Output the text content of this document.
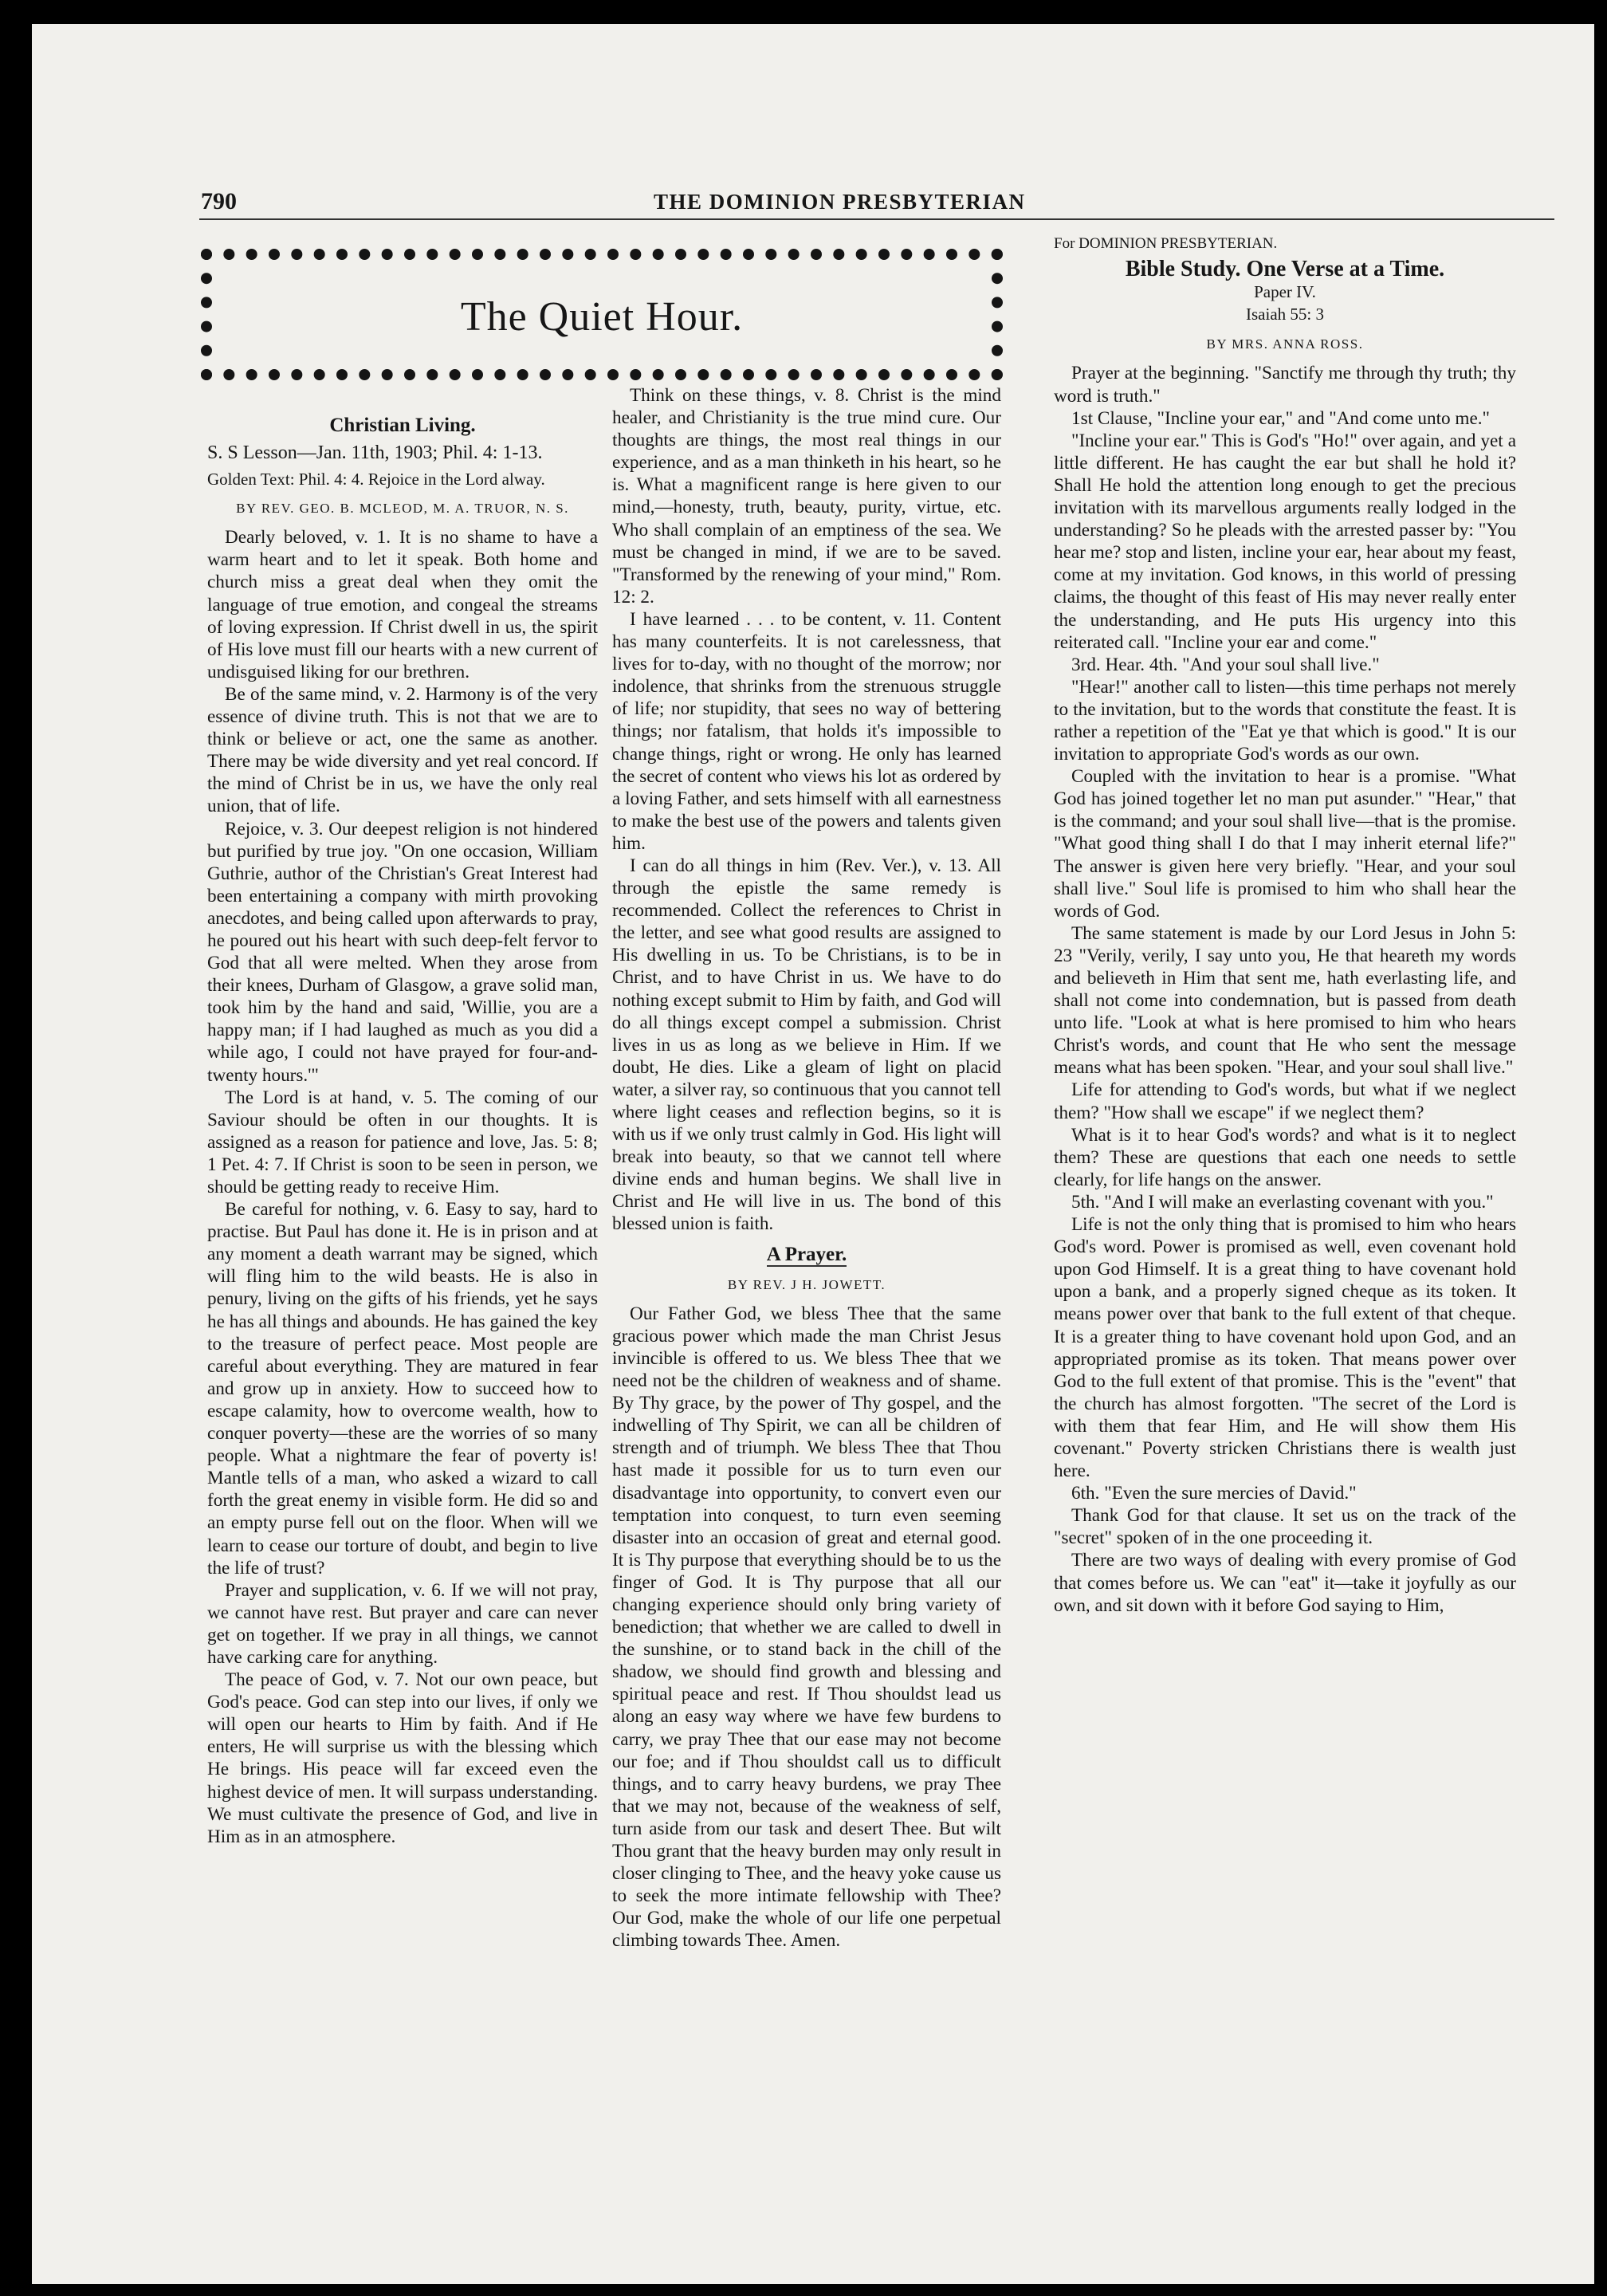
790	THE DOMINION PRESBYTERIAN
The Quiet Hour.

Christian Living.

S. S Lesson—Jan. 11th, 1903; Phil. 4: 1-13.

Golden Text: Phil. 4: 4. Rejoice in the Lord alway.

BY REV. GEO. B. MCLEOD, M. A. TRUOR, N. S.

Dearly beloved, v. 1. It is no shame to have a warm heart and to let it speak. Both home and church miss a great deal when they omit the language of true emotion, and congeal the streams of loving expression. If Christ dwell in us, the spirit of His love must fill our hearts with a new current of undisguised liking for our brethren.

Be of the same mind, v. 2. Harmony is of the very essence of divine truth. This is not that we are to think or believe or act, one the same as another. There may be wide diversity and yet real concord. If the mind of Christ be in us, we have the only real union, that of life.

Rejoice, v. 3. Our deepest religion is not hindered but purified by true joy. "On one occasion, William Guthrie, author of the Christian's Great Interest had been entertaining a company with mirth provoking anecdotes, and being called upon afterwards to pray, he poured out his heart with such deep-felt fervor to God that all were melted. When they arose from their knees, Durham of Glasgow, a grave solid man, took him by the hand and said, 'Willie, you are a happy man; if I had laughed as much as you did a while ago, I could not have prayed for four-and-twenty hours.'"

The Lord is at hand, v. 5. The coming of our Saviour should be often in our thoughts. It is assigned as a reason for patience and love, Jas. 5: 8; 1 Pet. 4: 7. If Christ is soon to be seen in person, we should be getting ready to receive Him.

Be careful for nothing, v. 6. Easy to say, hard to practise. But Paul has done it. He is in prison and at any moment a death warrant may be signed, which will fling him to the wild beasts. He is also in penury, living on the gifts of his friends, yet he says he has all things and abounds. He has gained the key to the treasure of perfect peace. Most people are careful about everything. They are matured in fear and grow up in anxiety. How to succeed how to escape calamity, how to overcome wealth, how to conquer poverty—these are the worries of so many people. What a nightmare the fear of poverty is! Mantle tells of a man, who asked a wizard to call forth the great enemy in visible form. He did so and an empty purse fell out on the floor. When will we learn to cease our torture of doubt, and begin to live the life of trust?

Prayer and supplication, v. 6. If we will not pray, we cannot have rest. But prayer and care can never get on together. If we pray in all things, we cannot have carking care for anything.

The peace of God, v. 7. Not our own peace, but God's peace. God can step into our lives, if only we will open our hearts to Him by faith. And if He enters, He will surprise us with the blessing which He brings. His peace will far exceed even the highest device of men. It will surpass understanding. We must cultivate the presence of God, and live in Him as in an atmosphere.

Think on these things, v. 8. Christ is the mind healer, and Christianity is the true mind cure. Our thoughts are things, the most real things in our experience, and as a man thinketh in his heart, so he is. What a magnificent range is here given to our mind,—honesty, truth, beauty, purity, virtue, etc. Who shall complain of an emptiness of the sea. We must be changed in mind, if we are to be saved. "Transformed by the renewing of your mind," Rom. 12: 2.

I have learned . . . to be content, v. 11. Content has many counterfeits. It is not carelessness, that lives for to-day, with no thought of the morrow; nor indolence, that shrinks from the strenuous struggle of life; nor stupidity, that sees no way of bettering things; nor fatalism, that holds it's impossible to change things, right or wrong. He only has learned the secret of content who views his lot as ordered by a loving Father, and sets himself with all earnestness to make the best use of the powers and talents given him.

I can do all things in him (Rev. Ver.), v. 13. All through the epistle the same remedy is recommended. Collect the references to Christ in the letter, and see what good results are assigned to His dwelling in us. To be Christians, is to be in Christ, and to have Christ in us. We have to do nothing except submit to Him by faith, and God will do all things except compel a submission. Christ lives in us as long as we believe in Him. If we doubt, He dies. Like a gleam of light on placid water, a silver ray, so continuous that you cannot tell where light ceases and reflection begins, so it is with us if we only trust calmly in God. His light will break into beauty, so that we cannot tell where divine ends and human begins. We shall live in Christ and He will live in us. The bond of this blessed union is faith.

A Prayer.

BY REV. J H. JOWETT.

Our Father God, we bless Thee that the same gracious power which made the man Christ Jesus invincible is offered to us. We bless Thee that we need not be the children of weakness and of shame. By Thy grace, by the power of Thy gospel, and the indwelling of Thy Spirit, we can all be children of strength and of triumph. We bless Thee that Thou hast made it possible for us to turn even our disadvantage into opportunity, to convert even our temptation into conquest, to turn even seeming disaster into an occasion of great and eternal good. It is Thy purpose that everything should be to us the finger of God. It is Thy purpose that all our changing experience should only bring variety of benediction; that whether we are called to dwell in the sunshine, or to stand back in the chill of the shadow, we should find growth and blessing and spiritual peace and rest. If Thou shouldst lead us along an easy way where we have few burdens to carry, we pray Thee that our ease may not become our foe; and if Thou shouldst call us to difficult things, and to carry heavy burdens, we pray Thee that we may not, because of the weakness of self, turn aside from our task and desert Thee. But wilt Thou grant that the heavy burden may only result in closer clinging to Thee, and the heavy yoke cause us to seek the more intimate fellowship with Thee? Our God, make the whole of our life one perpetual climbing towards Thee. Amen.

For DOMINION PRESBYTERIAN.

Bible Study. One Verse at a Time.

Paper IV.

Isaiah 55: 3

BY MRS. ANNA ROSS.

Prayer at the beginning. "Sanctify me through thy truth; thy word is truth."

1st Clause, "Incline your ear," and "And come unto me."

"Incline your ear." This is God's "Ho!" over again, and yet a little different. He has caught the ear but shall he hold it? Shall He hold the attention long enough to get the precious invitation with its marvellous arguments really lodged in the understanding? So he pleads with the arrested passer by: "You hear me? stop and listen, incline your ear, hear about my feast, come at my invitation. God knows, in this world of pressing claims, the thought of this feast of His may never really enter the understanding, and He puts His urgency into this reiterated call. "Incline your ear and come."

3rd. Hear. 4th. "And your soul shall live."

"Hear!" another call to listen—this time perhaps not merely to the invitation, but to the words that constitute the feast. It is rather a repetition of the "Eat ye that which is good." It is our invitation to appropriate God's words as our own.

Coupled with the invitation to hear is a promise. "What God has joined together let no man put asunder." "Hear," that is the command; and your soul shall live—that is the promise. "What good thing shall I do that I may inherit eternal life?" The answer is given here very briefly. "Hear, and your soul shall live." Soul life is promised to him who shall hear the words of God.

The same statement is made by our Lord Jesus in John 5: 23 "Verily, verily, I say unto you, He that heareth my words and believeth in Him that sent me, hath everlasting life, and shall not come into condemnation, but is passed from death unto life. "Look at what is here promised to him who hears Christ's words, and count that He who sent the message means what has been spoken. "Hear, and your soul shall live."

Life for attending to God's words, but what if we neglect them? "How shall we escape" if we neglect them?

What is it to hear God's words? and what is it to neglect them? These are questions that each one needs to settle clearly, for life hangs on the answer.

5th. "And I will make an everlasting covenant with you."

Life is not the only thing that is promised to him who hears God's word. Power is promised as well, even covenant hold upon God Himself. It is a great thing to have covenant hold upon a bank, and a properly signed cheque as its token. It means power over that bank to the full extent of that cheque. It is a greater thing to have covenant hold upon God, and an appropriated promise as its token. That means power over God to the full extent of that promise. This is the "event" that the church has almost forgotten. "The secret of the Lord is with them that fear Him, and He will show them His covenant." Poverty stricken Christians there is wealth just here.

6th. "Even the sure mercies of David."

Thank God for that clause. It set us on the track of the "secret" spoken of in the one proceeding it.

There are two ways of dealing with every promise of God that comes before us. We can "eat" it—take it joyfully as our own, and sit down with it before God saying to Him,
